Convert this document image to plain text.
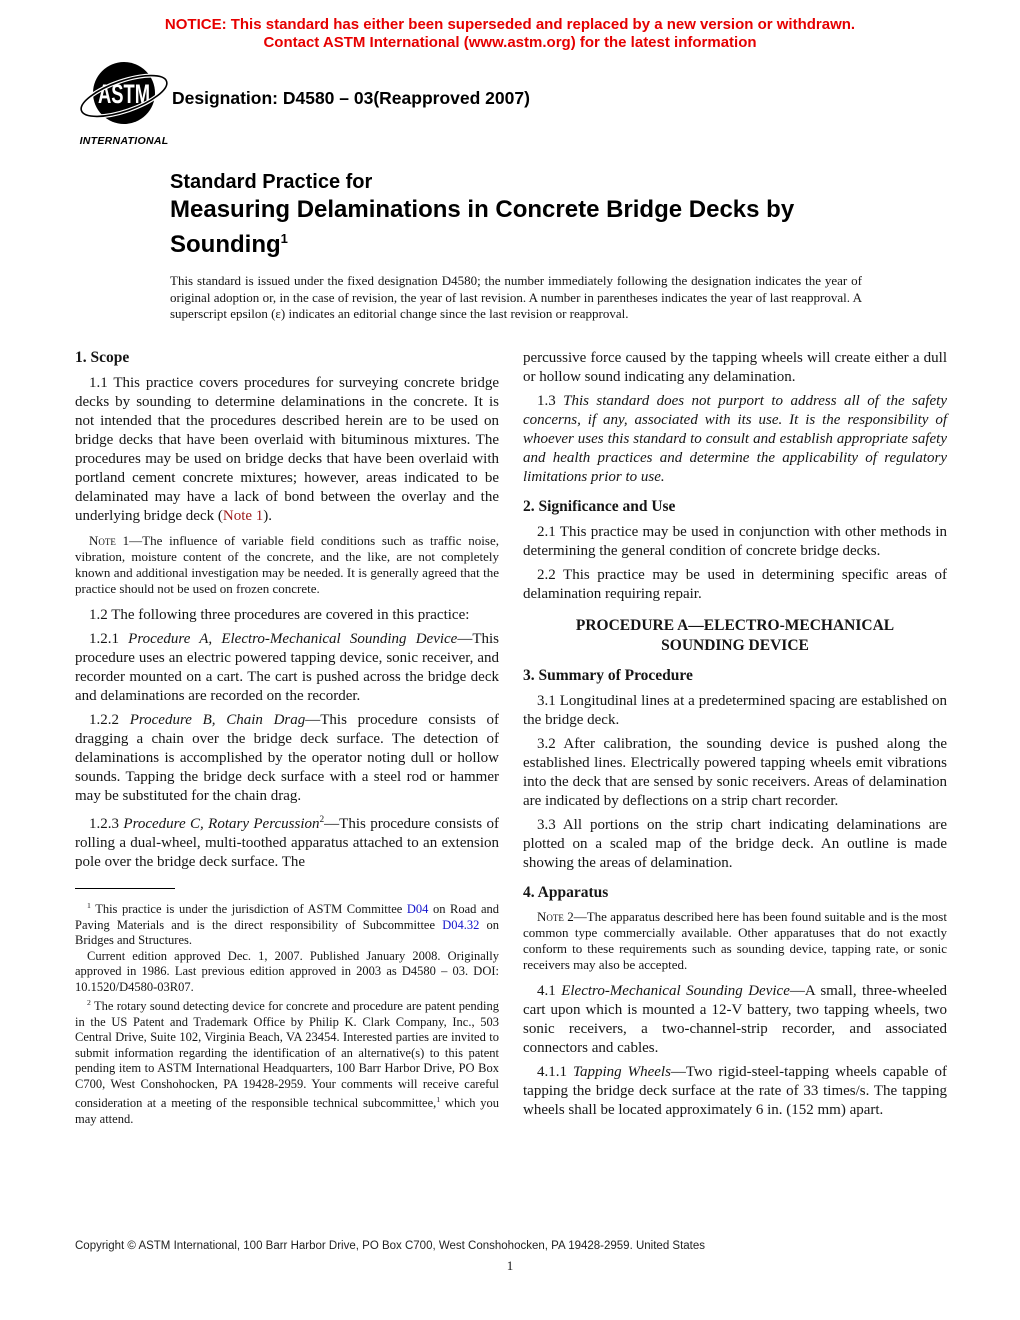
NOTICE: This standard has either been superseded and replaced by a new version or withdrawn.
Contact ASTM International (www.astm.org) for the latest information
ASTM
INTERNATIONAL
Designation: D4580 – 03(Reapproved 2007)
Standard Practice for
Measuring Delaminations in Concrete Bridge Decks by
Sounding$^1$
This standard is issued under the fixed designation D4580; the number immediately following the designation indicates the year of original adoption or, in the case of revision, the year of last revision. A number in parentheses indicates the year of last reapproval. A superscript epsilon (ε) indicates an editorial change since the last revision or reapproval.
1. Scope

1.1 This practice covers procedures for surveying concrete bridge decks by sounding to determine delaminations in the concrete. It is not intended that the procedures described herein are to be used on bridge decks that have been overlaid with bituminous mixtures. The procedures may be used on bridge decks that have been overlaid with portland cement concrete mixtures; however, areas indicated to be delaminated may have a lack of bond between the overlay and the underlying bridge deck (Note 1).

Note 1—The influence of variable field conditions such as traffic noise, vibration, moisture content of the concrete, and the like, are not completely known and additional investigation may be needed. It is generally agreed that the practice should not be used on frozen concrete.

1.2 The following three procedures are covered in this practice:

1.2.1 Procedure A, Electro-Mechanical Sounding Device—This procedure uses an electric powered tapping device, sonic receiver, and recorder mounted on a cart. The cart is pushed across the bridge deck and delaminations are recorded on the recorder.

1.2.2 Procedure B, Chain Drag—This procedure consists of dragging a chain over the bridge deck surface. The detection of delaminations is accomplished by the operator noting dull or hollow sounds. Tapping the bridge deck surface with a steel rod or hammer may be substituted for the chain drag.

1.2.3 Procedure C, Rotary Percussion$^2$—This procedure consists of rolling a dual-wheel, multi-toothed apparatus attached to an extension pole over the bridge deck surface. The

$^1$ This practice is under the jurisdiction of ASTM Committee D04 on Road and Paving Materials and is the direct responsibility of Subcommittee D04.32 on Bridges and Structures.

Current edition approved Dec. 1, 2007. Published January 2008. Originally approved in 1986. Last previous edition approved in 2003 as D4580 – 03. DOI: 10.1520/D4580-03R07.

$^2$ The rotary sound detecting device for concrete and procedure are patent pending in the US Patent and Trademark Office by Philip K. Clark Company, Inc., 503 Central Drive, Suite 102, Virginia Beach, VA 23454. Interested parties are invited to submit information regarding the identification of an alternative(s) to this patent pending item to ASTM International Headquarters, 100 Barr Harbor Drive, PO Box C700, West Conshohocken, PA 19428-2959. Your comments will receive careful consideration at a meeting of the responsible technical subcommittee,$^1$ which you may attend.

percussive force caused by the tapping wheels will create either a dull or hollow sound indicating any delamination.

1.3 This standard does not purport to address all of the safety concerns, if any, associated with its use. It is the responsibility of whoever uses this standard to consult and establish appropriate safety and health practices and determine the applicability of regulatory limitations prior to use.

2. Significance and Use

2.1 This practice may be used in conjunction with other methods in determining the general condition of concrete bridge decks.

2.2 This practice may be used in determining specific areas of delamination requiring repair.

PROCEDURE A—ELECTRO-MECHANICAL
SOUNDING DEVICE
3. Summary of Procedure

3.1 Longitudinal lines at a predetermined spacing are established on the bridge deck.

3.2 After calibration, the sounding device is pushed along the established lines. Electrically powered tapping wheels emit vibrations into the deck that are sensed by sonic receivers. Areas of delamination are indicated by deflections on a strip chart recorder.

3.3 All portions on the strip chart indicating delaminations are plotted on a scaled map of the bridge deck. An outline is made showing the areas of delamination.

4. Apparatus

Note 2—The apparatus described here has been found suitable and is the most common type commercially available. Other apparatuses that do not exactly conform to these requirements such as sounding device, tapping rate, or sonic receivers may also be accepted.

4.1 Electro-Mechanical Sounding Device—A small, three-wheeled cart upon which is mounted a 12-V battery, two tapping wheels, two sonic receivers, a two-channel-strip recorder, and associated connectors and cables.

4.1.1 Tapping Wheels—Two rigid-steel-tapping wheels capable of tapping the bridge deck surface at the rate of 33 times/s. The tapping wheels shall be located approximately 6 in. (152 mm) apart.

Copyright © ASTM International, 100 Barr Harbor Drive, PO Box C700, West Conshohocken, PA 19428-2959. United States
1
